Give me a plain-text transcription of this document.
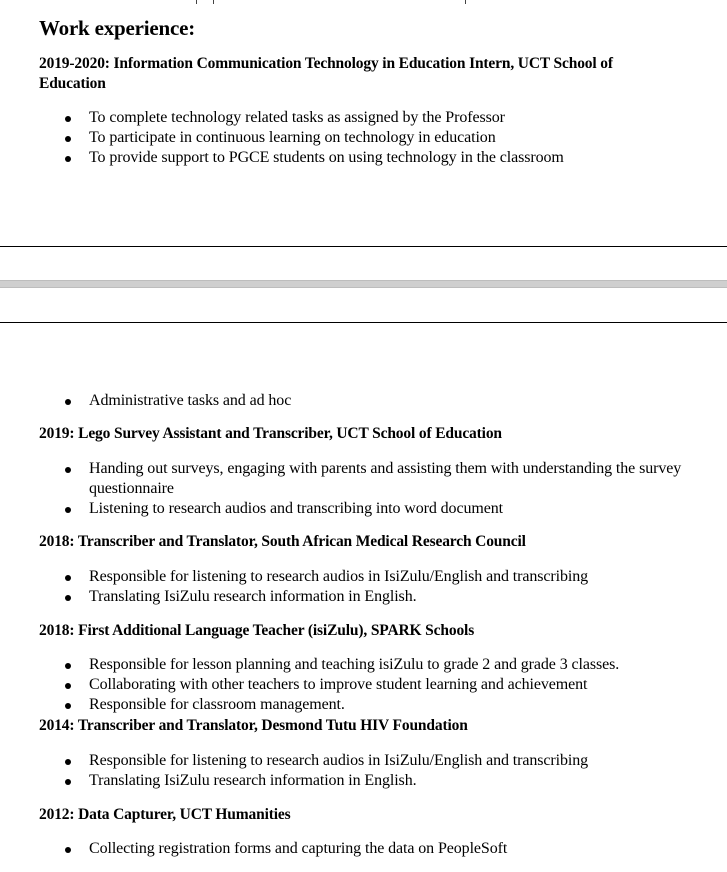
Work experience:
2019-2020: Information Communication Technology in Education Intern, UCT School of Education
To complete technology related tasks as assigned by the Professor
To participate in continuous learning on technology in education
To provide support to PGCE students on using technology in the classroom
Administrative tasks and ad hoc
2019: Lego Survey Assistant and Transcriber, UCT School of Education
Handing out surveys, engaging with parents and assisting them with understanding the survey questionnaire
Listening to research audios and transcribing into word document
2018: Transcriber and Translator, South African Medical Research Council
Responsible for listening to research audios in IsiZulu/English and transcribing
Translating IsiZulu research information in English.
2018: First Additional Language Teacher (isiZulu), SPARK Schools
Responsible for lesson planning and teaching isiZulu to grade 2 and grade 3 classes.
Collaborating with other teachers to improve student learning and achievement
Responsible for classroom management.
2014: Transcriber and Translator, Desmond Tutu HIV Foundation
Responsible for listening to research audios in IsiZulu/English and transcribing
Translating IsiZulu research information in English.
2012: Data Capturer, UCT Humanities
Collecting registration forms and capturing the data on PeopleSoft
